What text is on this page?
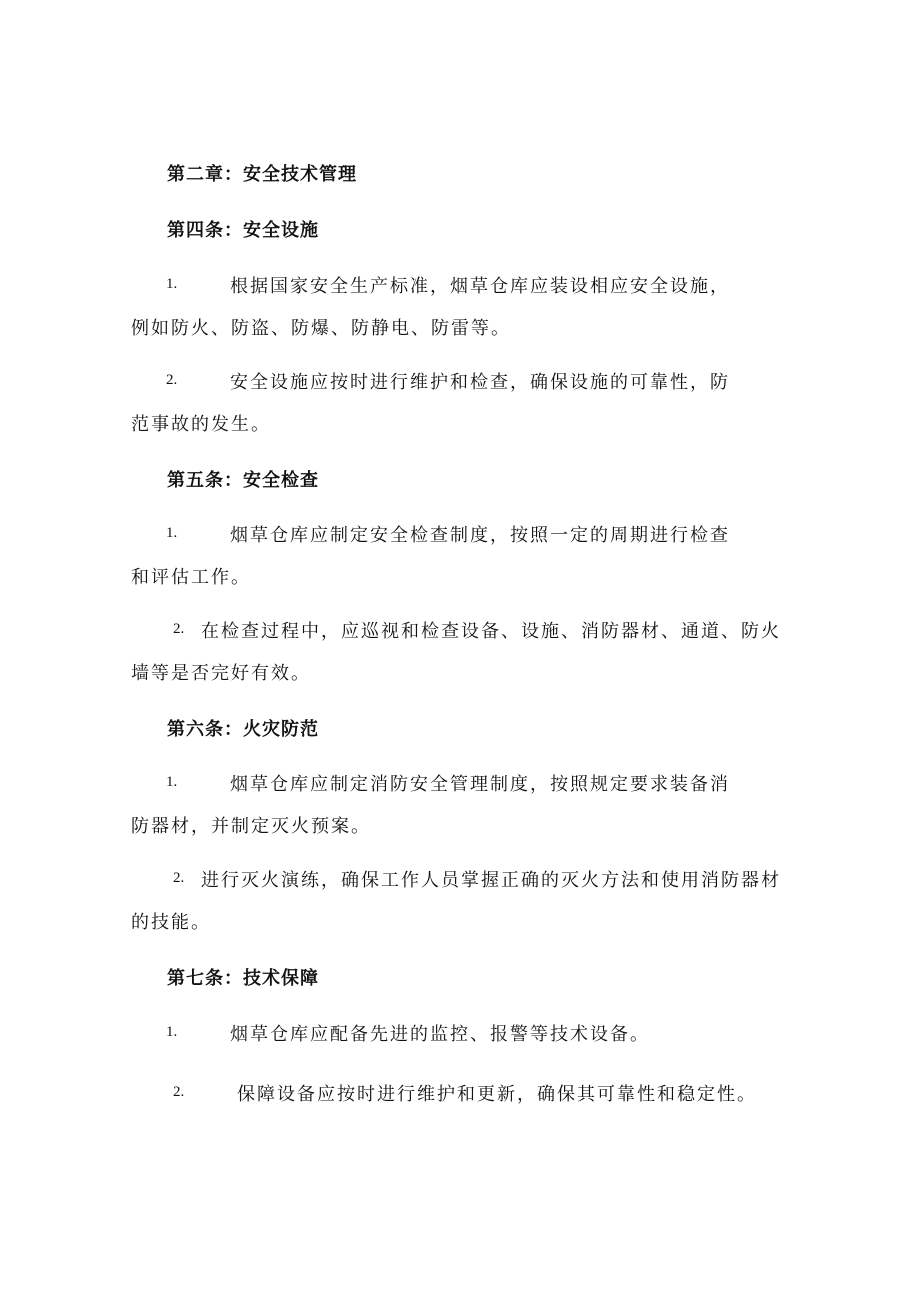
第二章：安全技术管理
第四条：安全设施
1.	根据国家安全生产标准，烟草仓库应装设相应安全设施，
例如防火、防盗、防爆、防静电、防雷等。
2.	安全设施应按时进行维护和检查，确保设施的可靠性，防
范事故的发生。
第五条：安全检查
1.	烟草仓库应制定安全检查制度，按照一定的周期进行检查
和评估工作。
2. 在检查过程中，应巡视和检查设备、设施、消防器材、通道、防火
墙等是否完好有效。
第六条：火灾防范
1.	烟草仓库应制定消防安全管理制度，按照规定要求装备消
防器材，并制定灭火预案。
2. 进行灭火演练，确保工作人员掌握正确的灭火方法和使用消防器材
的技能。
第七条：技术保障
1.	烟草仓库应配备先进的监控、报警等技术设备。
2.	保障设备应按时进行维护和更新，确保其可靠性和稳定性。
